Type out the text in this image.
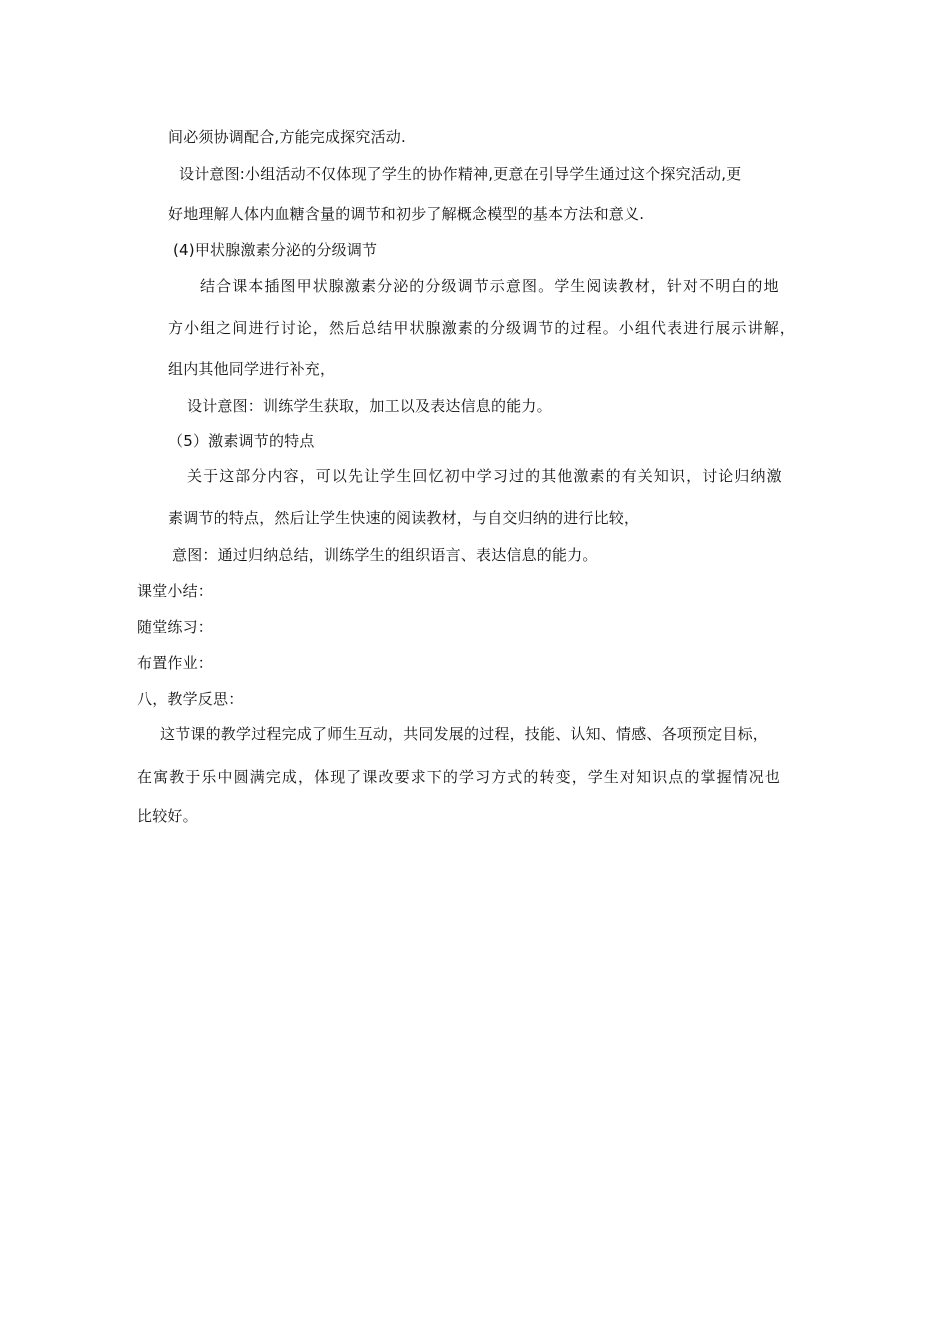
间必须协调配合,方能完成探究活动.
设计意图:小组活动不仅体现了学生的协作精神,更意在引导学生通过这个探究活动,更
好地理解人体内血糖含量的调节和初步了解概念模型的基本方法和意义.
(4)甲状腺激素分泌的分级调节
结合课本插图甲状腺激素分泌的分级调节示意图。学生阅读教材，针对不明白的地
方小组之间进行讨论，然后总结甲状腺激素的分级调节的过程。小组代表进行展示讲解，
组内其他同学进行补充，
设计意图：训练学生获取，加工以及表达信息的能力。
（5）激素调节的特点
关于这部分内容，可以先让学生回忆初中学习过的其他激素的有关知识，讨论归纳激
素调节的特点，然后让学生快速的阅读教材，与自交归纳的进行比较，
意图：通过归纳总结，训练学生的组织语言、表达信息的能力。
课堂小结：
随堂练习：
布置作业：
八，教学反思：
这节课的教学过程完成了师生互动，共同发展的过程，技能、认知、情感、各项预定目标，
在寓教于乐中圆满完成，体现了课改要求下的学习方式的转变，学生对知识点的掌握情况也
比较好。
